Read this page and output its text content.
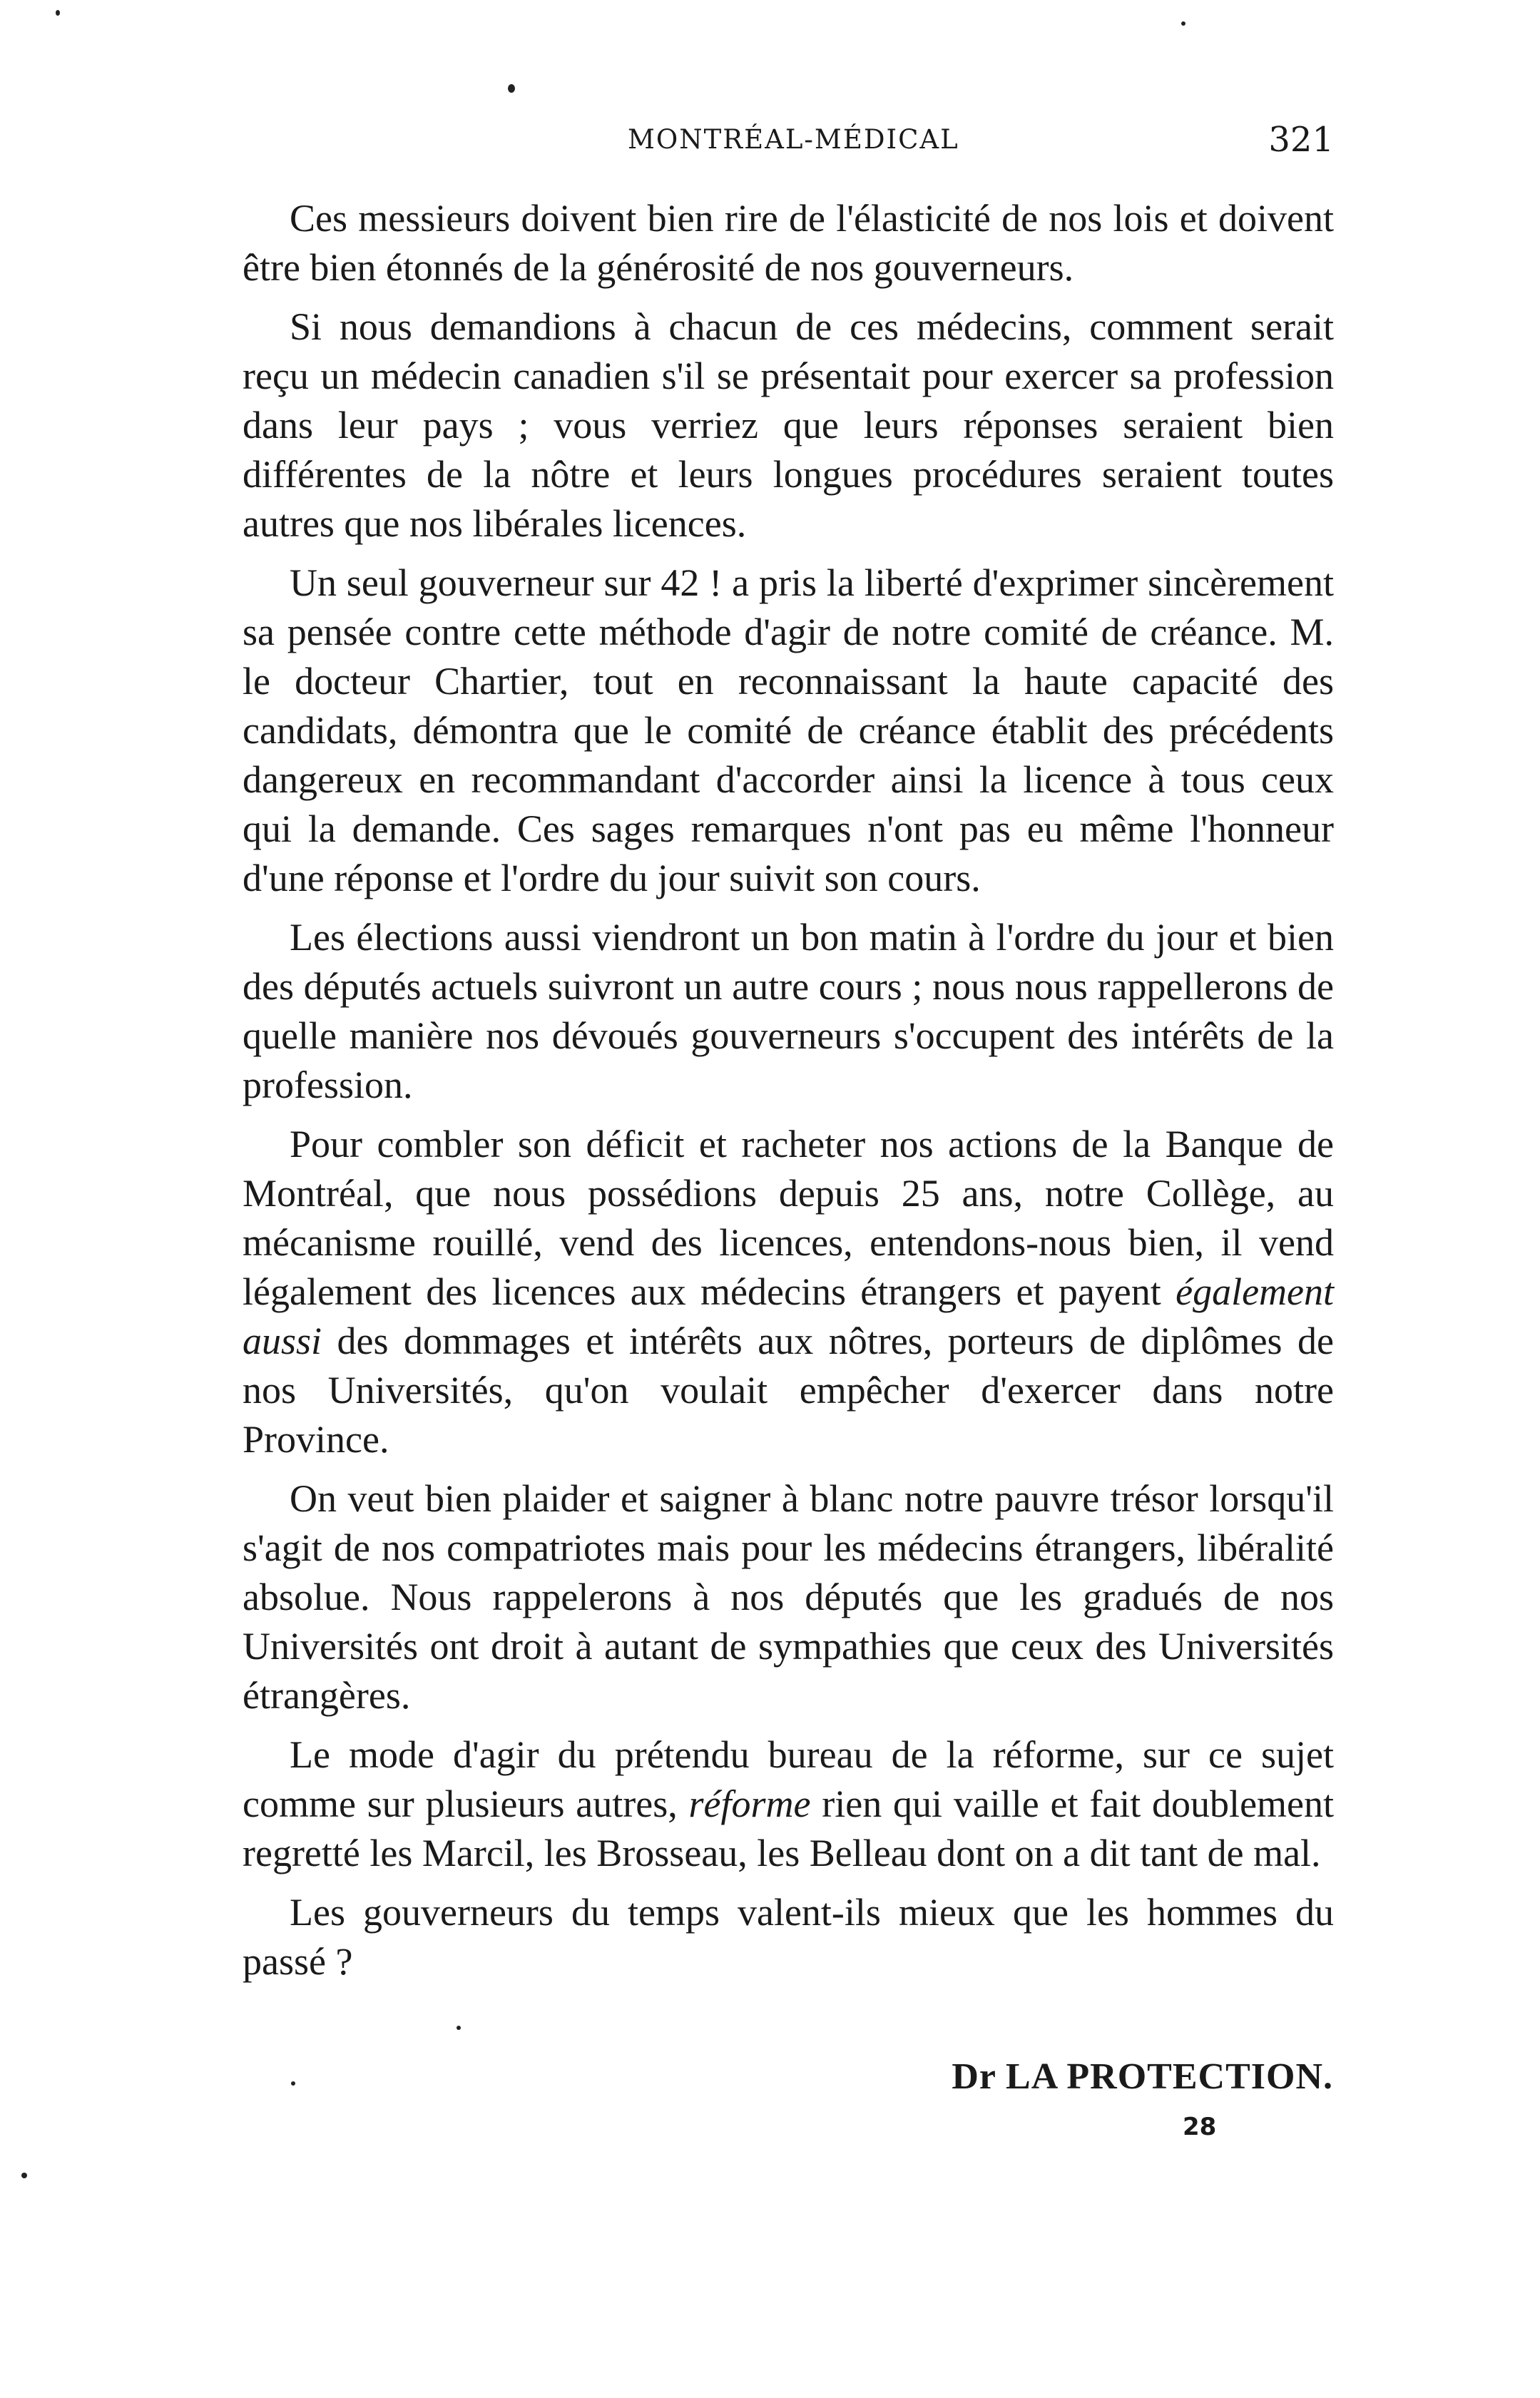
MONTRÉAL-MÉDICAL	321

Ces messieurs doivent bien rire de l'élasticité de nos lois et doivent être bien étonnés de la générosité de nos gouverneurs.

Si nous demandions à chacun de ces médecins, comment serait reçu un médecin canadien s'il se présentait pour exercer sa profession dans leur pays ; vous verriez que leurs réponses seraient bien différentes de la nôtre et leurs longues procédures seraient toutes autres que nos libérales licences.

Un seul gouverneur sur 42 ! a pris la liberté d'exprimer sincèrement sa pensée contre cette méthode d'agir de notre comité de créance. M. le docteur Chartier, tout en reconnaissant la haute capacité des candidats, démontra que le comité de créance établit des précédents dangereux en recommandant d'accorder ainsi la licence à tous ceux qui la demande. Ces sages remarques n'ont pas eu même l'honneur d'une réponse et l'ordre du jour suivit son cours.

Les élections aussi viendront un bon matin à l'ordre du jour et bien des députés actuels suivront un autre cours ; nous nous rappellerons de quelle manière nos dévoués gouverneurs s'occupent des intérêts de la profession.

Pour combler son déficit et racheter nos actions de la Banque de Montréal, que nous possédions depuis 25 ans, notre Collège, au mécanisme rouillé, vend des licences, entendons-nous bien, il vend légalement des licences aux médecins étrangers et payent également aussi des dommages et intérêts aux nôtres, porteurs de diplômes de nos Universités, qu'on voulait empêcher d'exercer dans notre Province.

On veut bien plaider et saigner à blanc notre pauvre trésor lorsqu'il s'agit de nos compatriotes mais pour les médecins étrangers, libéralité absolue. Nous rappelerons à nos députés que les gradués de nos Universités ont droit à autant de sympathies que ceux des Universités étrangères.

Le mode d'agir du prétendu bureau de la réforme, sur ce sujet comme sur plusieurs autres, réforme rien qui vaille et fait doublement regretté les Marcil, les Brosseau, les Belleau dont on a dit tant de mal.

Les gouverneurs du temps valent-ils mieux que les hommes du passé ?

Dr LA PROTECTION.
28
